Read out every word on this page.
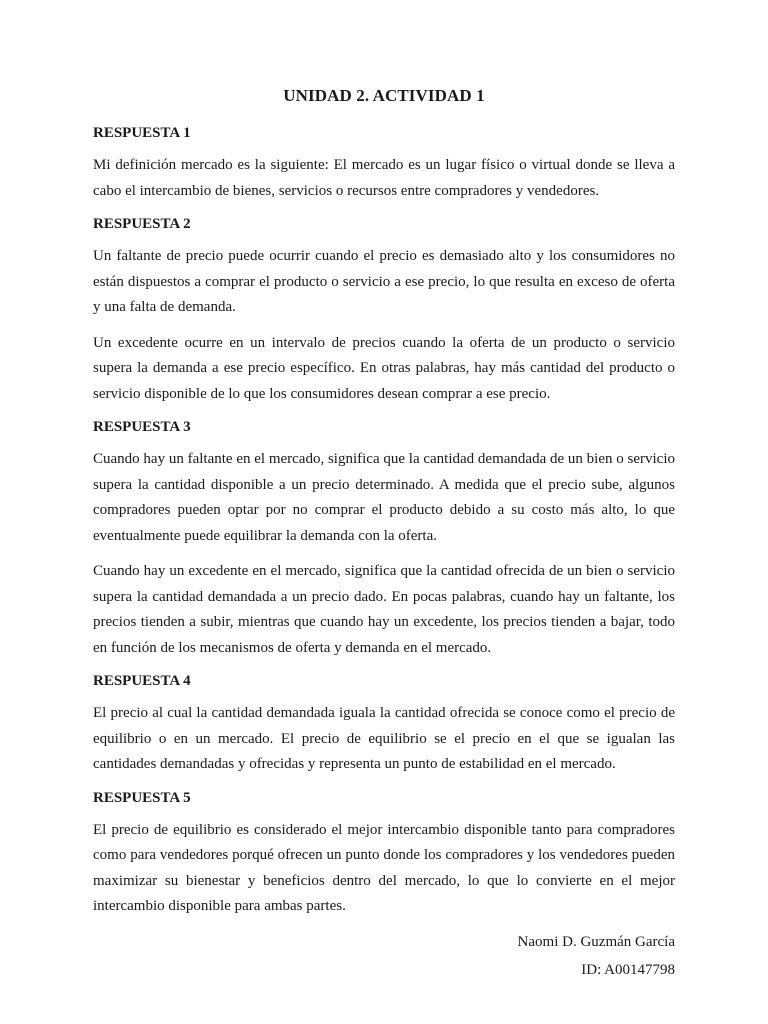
UNIDAD 2. ACTIVIDAD 1
RESPUESTA 1

Mi definición mercado es la siguiente: El mercado es un lugar físico o virtual donde se lleva a cabo el intercambio de bienes, servicios o recursos entre compradores y vendedores.

RESPUESTA 2

Un faltante de precio puede ocurrir cuando el precio es demasiado alto y los consumidores no están dispuestos a comprar el producto o servicio a ese precio, lo que resulta en exceso de oferta y una falta de demanda.

Un excedente ocurre en un intervalo de precios cuando la oferta de un producto o servicio supera la demanda a ese precio específico. En otras palabras, hay más cantidad del producto o servicio disponible de lo que los consumidores desean comprar a ese precio.

RESPUESTA 3

Cuando hay un faltante en el mercado, significa que la cantidad demandada de un bien o servicio supera la cantidad disponible a un precio determinado. A medida que el precio sube, algunos compradores pueden optar por no comprar el producto debido a su costo más alto, lo que eventualmente puede equilibrar la demanda con la oferta.

Cuando hay un excedente en el mercado, significa que la cantidad ofrecida de un bien o servicio supera la cantidad demandada a un precio dado. En pocas palabras, cuando hay un faltante, los precios tienden a subir, mientras que cuando hay un excedente, los precios tienden a bajar, todo en función de los mecanismos de oferta y demanda en el mercado.

RESPUESTA 4

El precio al cual la cantidad demandada iguala la cantidad ofrecida se conoce como el precio de equilibrio o en un mercado. El precio de equilibrio se el precio en el que se igualan las cantidades demandadas y ofrecidas y representa un punto de estabilidad en el mercado.

RESPUESTA 5

El precio de equilibrio es considerado el mejor intercambio disponible tanto para compradores como para vendedores porqué ofrecen un punto donde los compradores y los vendedores pueden maximizar su bienestar y beneficios dentro del mercado, lo que lo convierte en el mejor intercambio disponible para ambas partes.

Naomi D. Guzmán García
ID: A00147798
